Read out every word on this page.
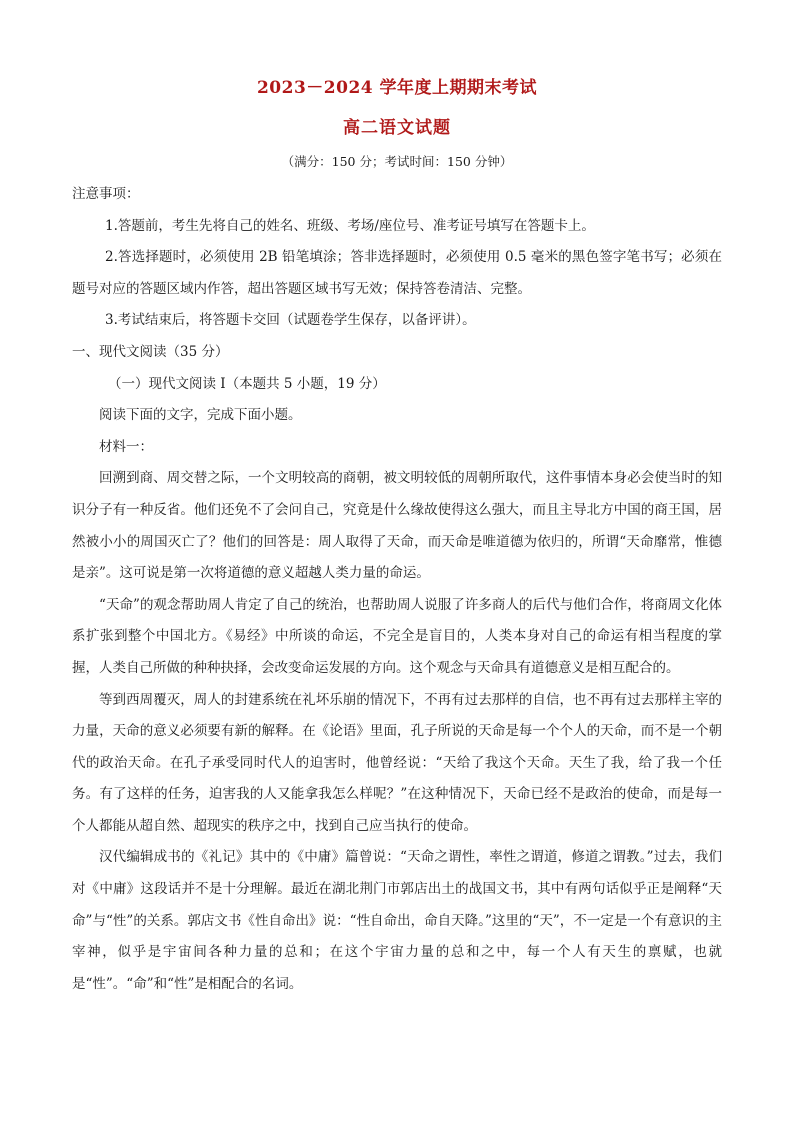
2023－2024 学年度上期期末考试
高二语文试题
（满分：150 分；考试时间：150 分钟）

注意事项：

1.答题前，考生先将自己的姓名、班级、考场/座位号、准考证号填写在答题卡上。

2.答选择题时，必须使用 2B 铅笔填涂；答非选择题时，必须使用 0.5 毫米的黑色签字笔书写；必须在题号对应的答题区域内作答，超出答题区域书写无效；保持答卷清洁、完整。

3.考试结束后，将答题卡交回（试题卷学生保存，以备评讲）。

一、现代文阅读（35 分）

（一）现代文阅读 I（本题共 5 小题，19 分）

阅读下面的文字，完成下面小题。

材料一：

回溯到商、周交替之际，一个文明较高的商朝，被文明较低的周朝所取代，这件事情本身必会使当时的知识分子有一种反省。他们还免不了会问自己，究竟是什么缘故使得这么强大，而且主导北方中国的商王国，居然被小小的周国灭亡了？他们的回答是：周人取得了天命，而天命是唯道德为依归的，所谓“天命靡常，惟德是亲”。这可说是第一次将道德的意义超越人类力量的命运。

“天命”的观念帮助周人肯定了自己的统治，也帮助周人说服了许多商人的后代与他们合作，将商周文化体系扩张到整个中国北方。《易经》中所谈的命运，不完全是盲目的，人类本身对自己的命运有相当程度的掌握，人类自己所做的种种抉择，会改变命运发展的方向。这个观念与天命具有道德意义是相互配合的。

等到西周覆灭，周人的封建系统在礼坏乐崩的情况下，不再有过去那样的自信，也不再有过去那样主宰的力量，天命的意义必须要有新的解释。在《论语》里面，孔子所说的天命是每一个个人的天命，而不是一个朝代的政治天命。在孔子承受同时代人的迫害时，他曾经说：“天给了我这个天命。天生了我，给了我一个任务。有了这样的任务，迫害我的人又能拿我怎么样呢？”在这种情况下，天命已经不是政治的使命，而是每一个人都能从超自然、超现实的秩序之中，找到自己应当执行的使命。

汉代编辑成书的《礼记》其中的《中庸》篇曾说：“天命之谓性，率性之谓道，修道之谓教。”过去，我们对《中庸》这段话并不是十分理解。最近在湖北荆门市郭店出土的战国文书，其中有两句话似乎正是阐释“天命”与“性”的关系。郭店文书《性自命出》说：“性自命出，命自天降。”这里的“天”，不一定是一个有意识的主宰神，似乎是宇宙间各种力量的总和；在这个宇宙力量的总和之中，每一个人有天生的禀赋，也就是“性”。“命”和“性”是相配合的名词。
